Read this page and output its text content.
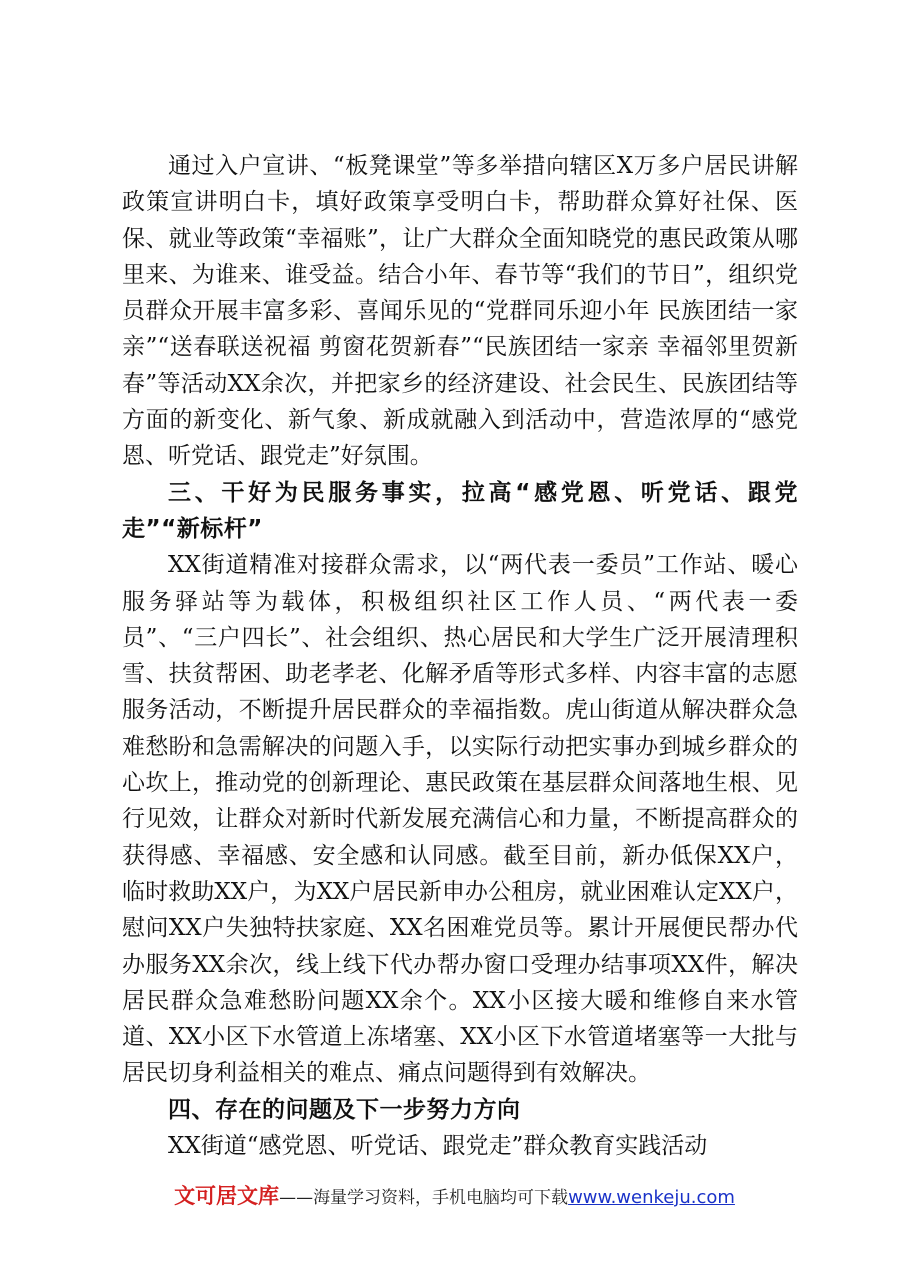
通过入户宣讲、“板凳课堂”等多举措向辖区X万多户居民讲解政策宣讲明白卡，填好政策享受明白卡，帮助群众算好社保、医保、就业等政策“幸福账”，让广大群众全面知晓党的惠民政策从哪里来、为谁来、谁受益。结合小年、春节等“我们的节日”，组织党员群众开展丰富多彩、喜闻乐见的“党群同乐迎小年 民族团结一家亲”“送春联送祝福 剪窗花贺新春”“民族团结一家亲 幸福邻里贺新春”等活动XX余次，并把家乡的经济建设、社会民生、民族团结等方面的新变化、新气象、新成就融入到活动中，营造浓厚的“感党恩、听党话、跟党走”好氛围。

三、干好为民服务事实，拉高“感党恩、听党话、跟党走”“新标杆”

XX街道精准对接群众需求，以“两代表一委员”工作站、暖心服务驿站等为载体，积极组织社区工作人员、“两代表一委员”、“三户四长”、社会组织、热心居民和大学生广泛开展清理积雪、扶贫帮困、助老孝老、化解矛盾等形式多样、内容丰富的志愿服务活动，不断提升居民群众的幸福指数。虎山街道从解决群众急难愁盼和急需解决的问题入手，以实际行动把实事办到城乡群众的心坎上，推动党的创新理论、惠民政策在基层群众间落地生根、见行见效，让群众对新时代新发展充满信心和力量，不断提高群众的获得感、幸福感、安全感和认同感。截至目前，新办低保XX户，临时救助XX户，为XX户居民新申办公租房，就业困难认定XX户，慰问XX户失独特扶家庭、XX名困难党员等。累计开展便民帮办代办服务XX余次，线上线下代办帮办窗口受理办结事项XX件，解决居民群众急难愁盼问题XX余个。XX小区接大暖和维修自来水管道、XX小区下水管道上冻堵塞、XX小区下水管道堵塞等一大批与居民切身利益相关的难点、痛点问题得到有效解决。

四、存在的问题及下一步努力方向

XX街道“感党恩、听党话、跟党走”群众教育实践活动

文可居文库——海量学习资料，手机电脑均可下载www.wenkeju.com
